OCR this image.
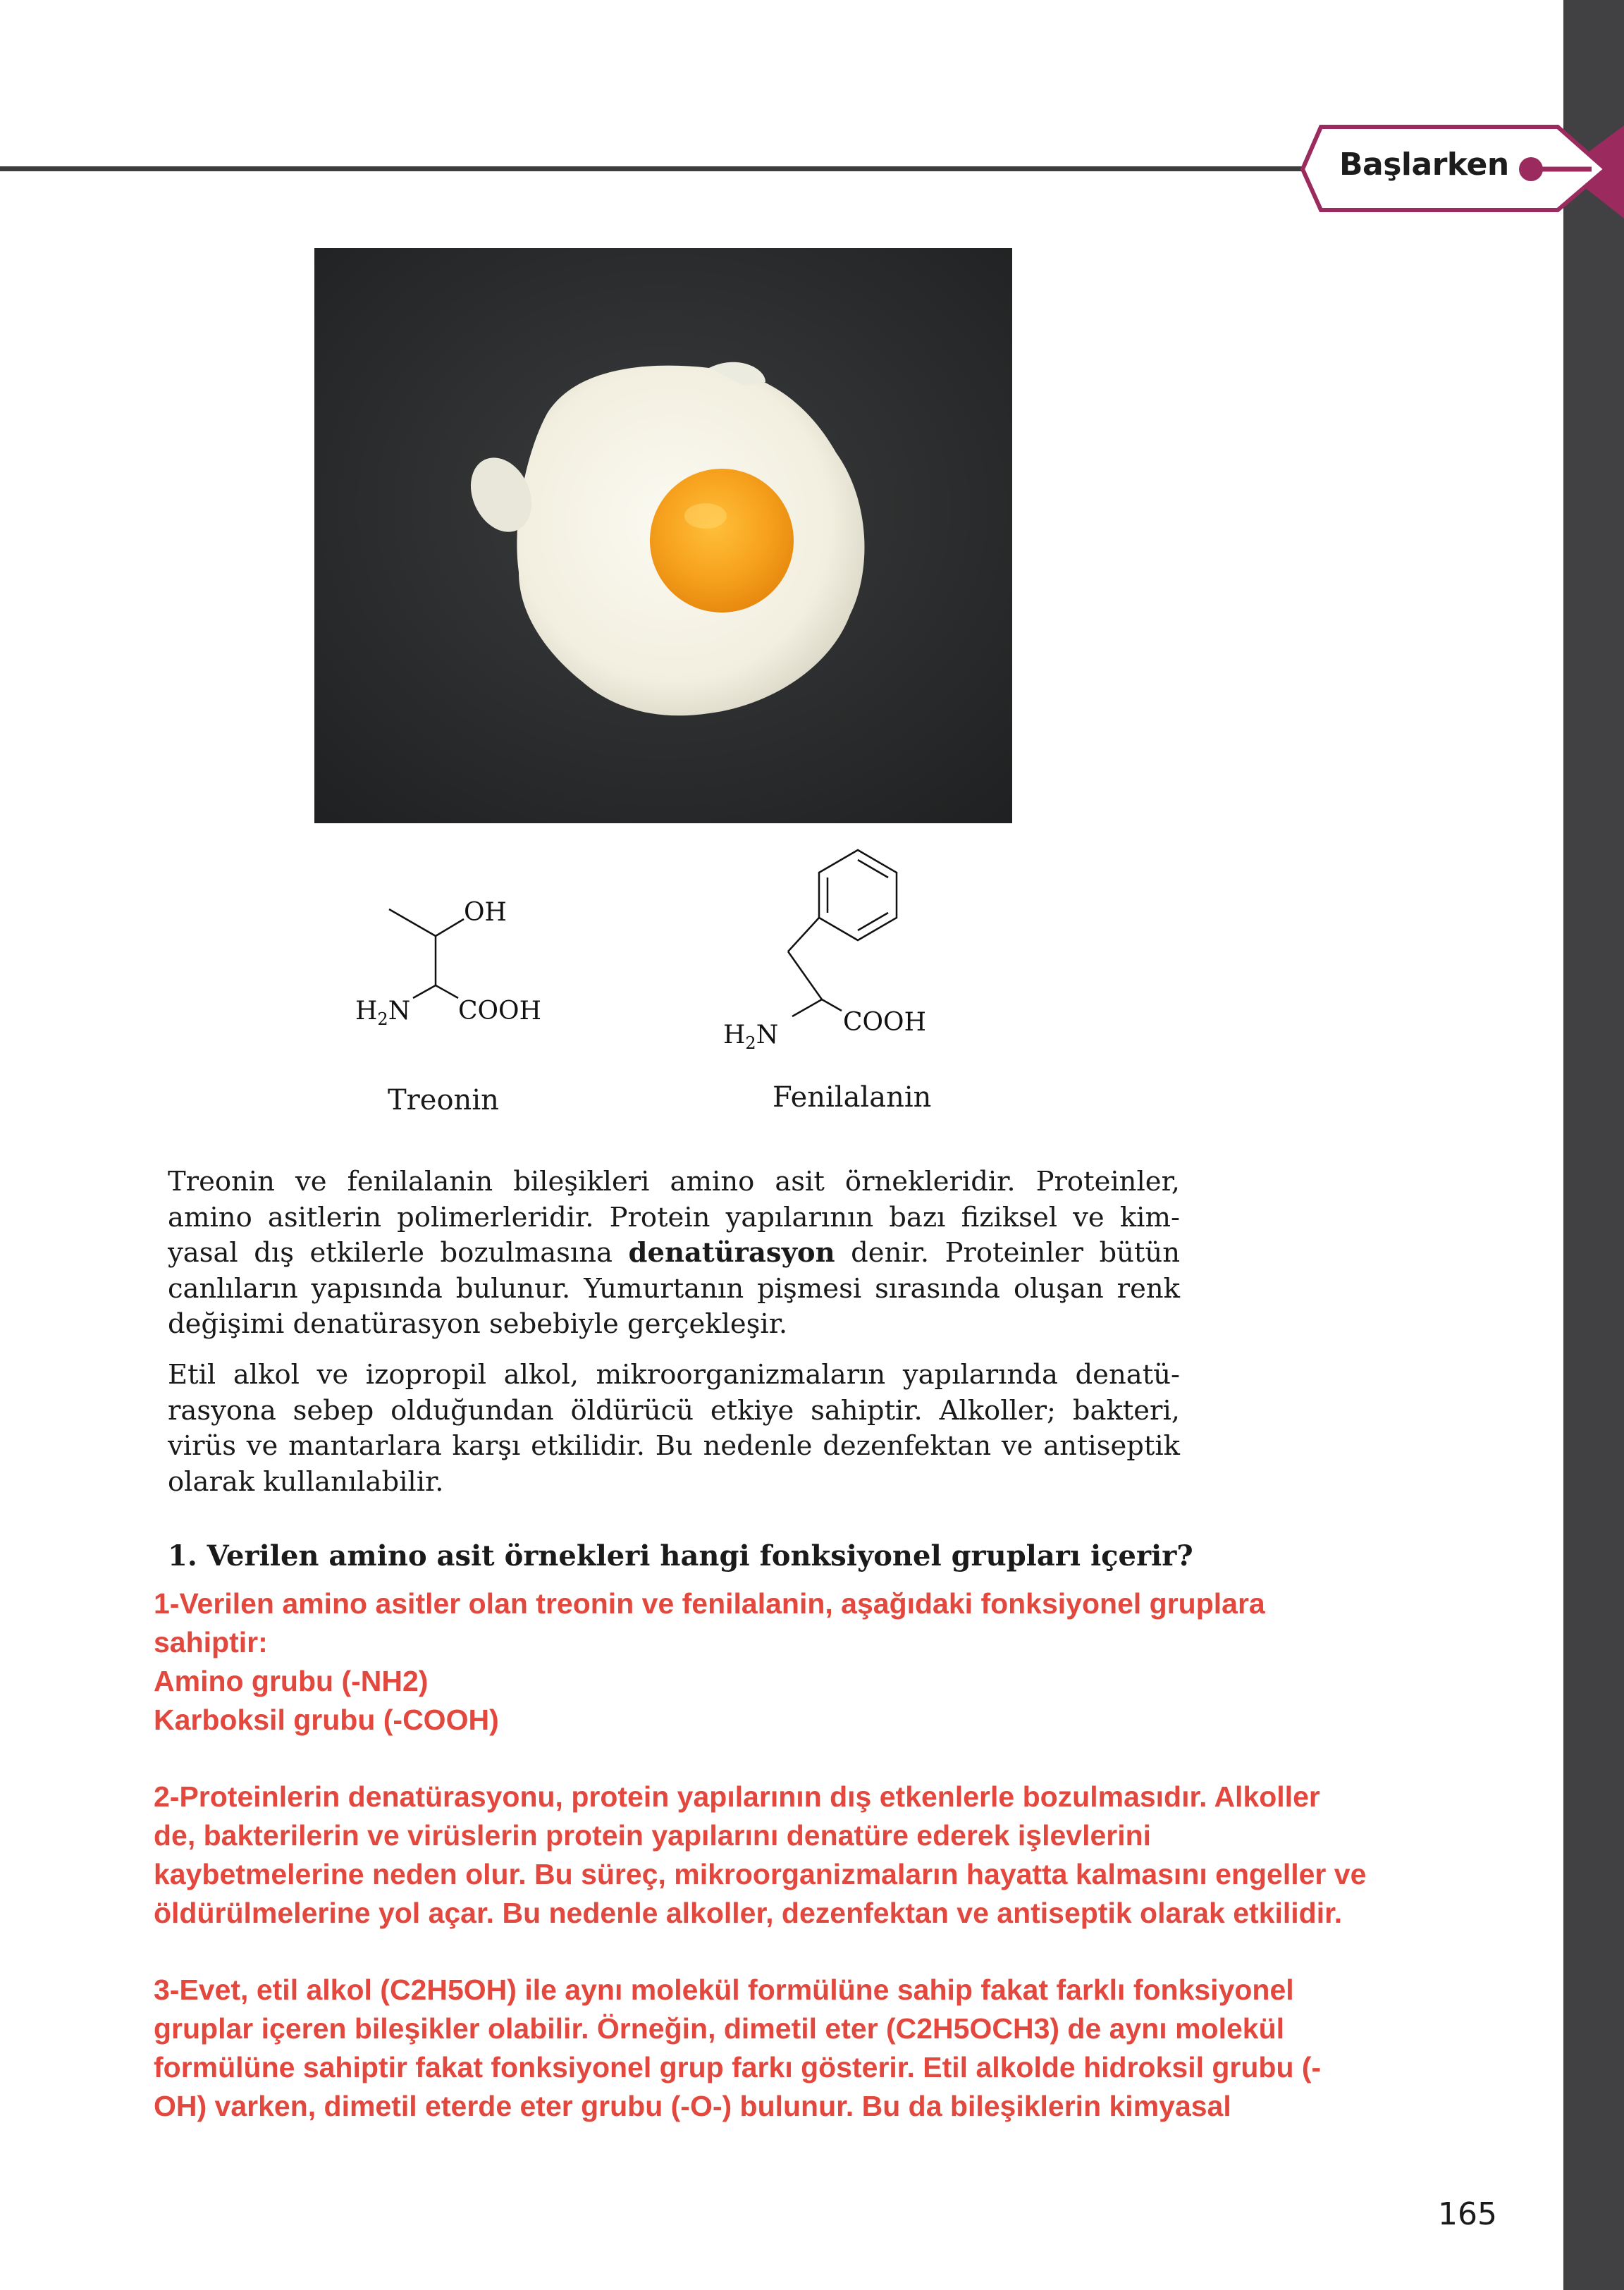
Başlarken
OH
$H_2N$ COOH
Treonin
$H_2N$	COOH
Fenilalanin
Treonin ve fenilalanin bileşikleri amino asit örnekleridir. Proteinler,
amino asitlerin polimerleridir. Protein yapılarının bazı fiziksel ve kim-
yasal dış etkilerle bozulmasına denatürasyon denir. Proteinler bütün
canlıların yapısında bulunur. Yumurtanın pişmesi sırasında oluşan renk
değişimi denatürasyon sebebiyle gerçekleşir.
Etil alkol ve izopropil alkol, mikroorganizmaların yapılarında denatü-
rasyona sebep olduğundan öldürücü etkiye sahiptir. Alkoller; bakteri,
virüs ve mantarlara karşı etkilidir. Bu nedenle dezenfektan ve antiseptik
olarak kullanılabilir.
1. Verilen amino asit örnekleri hangi fonksiyonel grupları içerir?
1-Verilen amino asitler olan treonin ve fenilalanin, aşağıdaki fonksiyonel gruplara
sahiptir:
Amino grubu (-NH2)
Karboksil grubu (-COOH)
2-Proteinlerin denatürasyonu, protein yapılarının dış etkenlerle bozulmasıdır. Alkoller
de, bakterilerin ve virüslerin protein yapılarını denatüre ederek işlevlerini
kaybetmelerine neden olur. Bu süreç, mikroorganizmaların hayatta kalmasını engeller ve
öldürülmelerine yol açar. Bu nedenle alkoller, dezenfektan ve antiseptik olarak etkilidir.
3-Evet, etil alkol (C2H5OH) ile aynı molekül formülüne sahip fakat farklı fonksiyonel
gruplar içeren bileşikler olabilir. Örneğin, dimetil eter (C2H5OCH3) de aynı molekül
formülüne sahiptir fakat fonksiyonel grup farkı gösterir. Etil alkolde hidroksil grubu (-
OH) varken, dimetil eterde eter grubu (-O-) bulunur. Bu da bileşiklerin kimyasal
165
